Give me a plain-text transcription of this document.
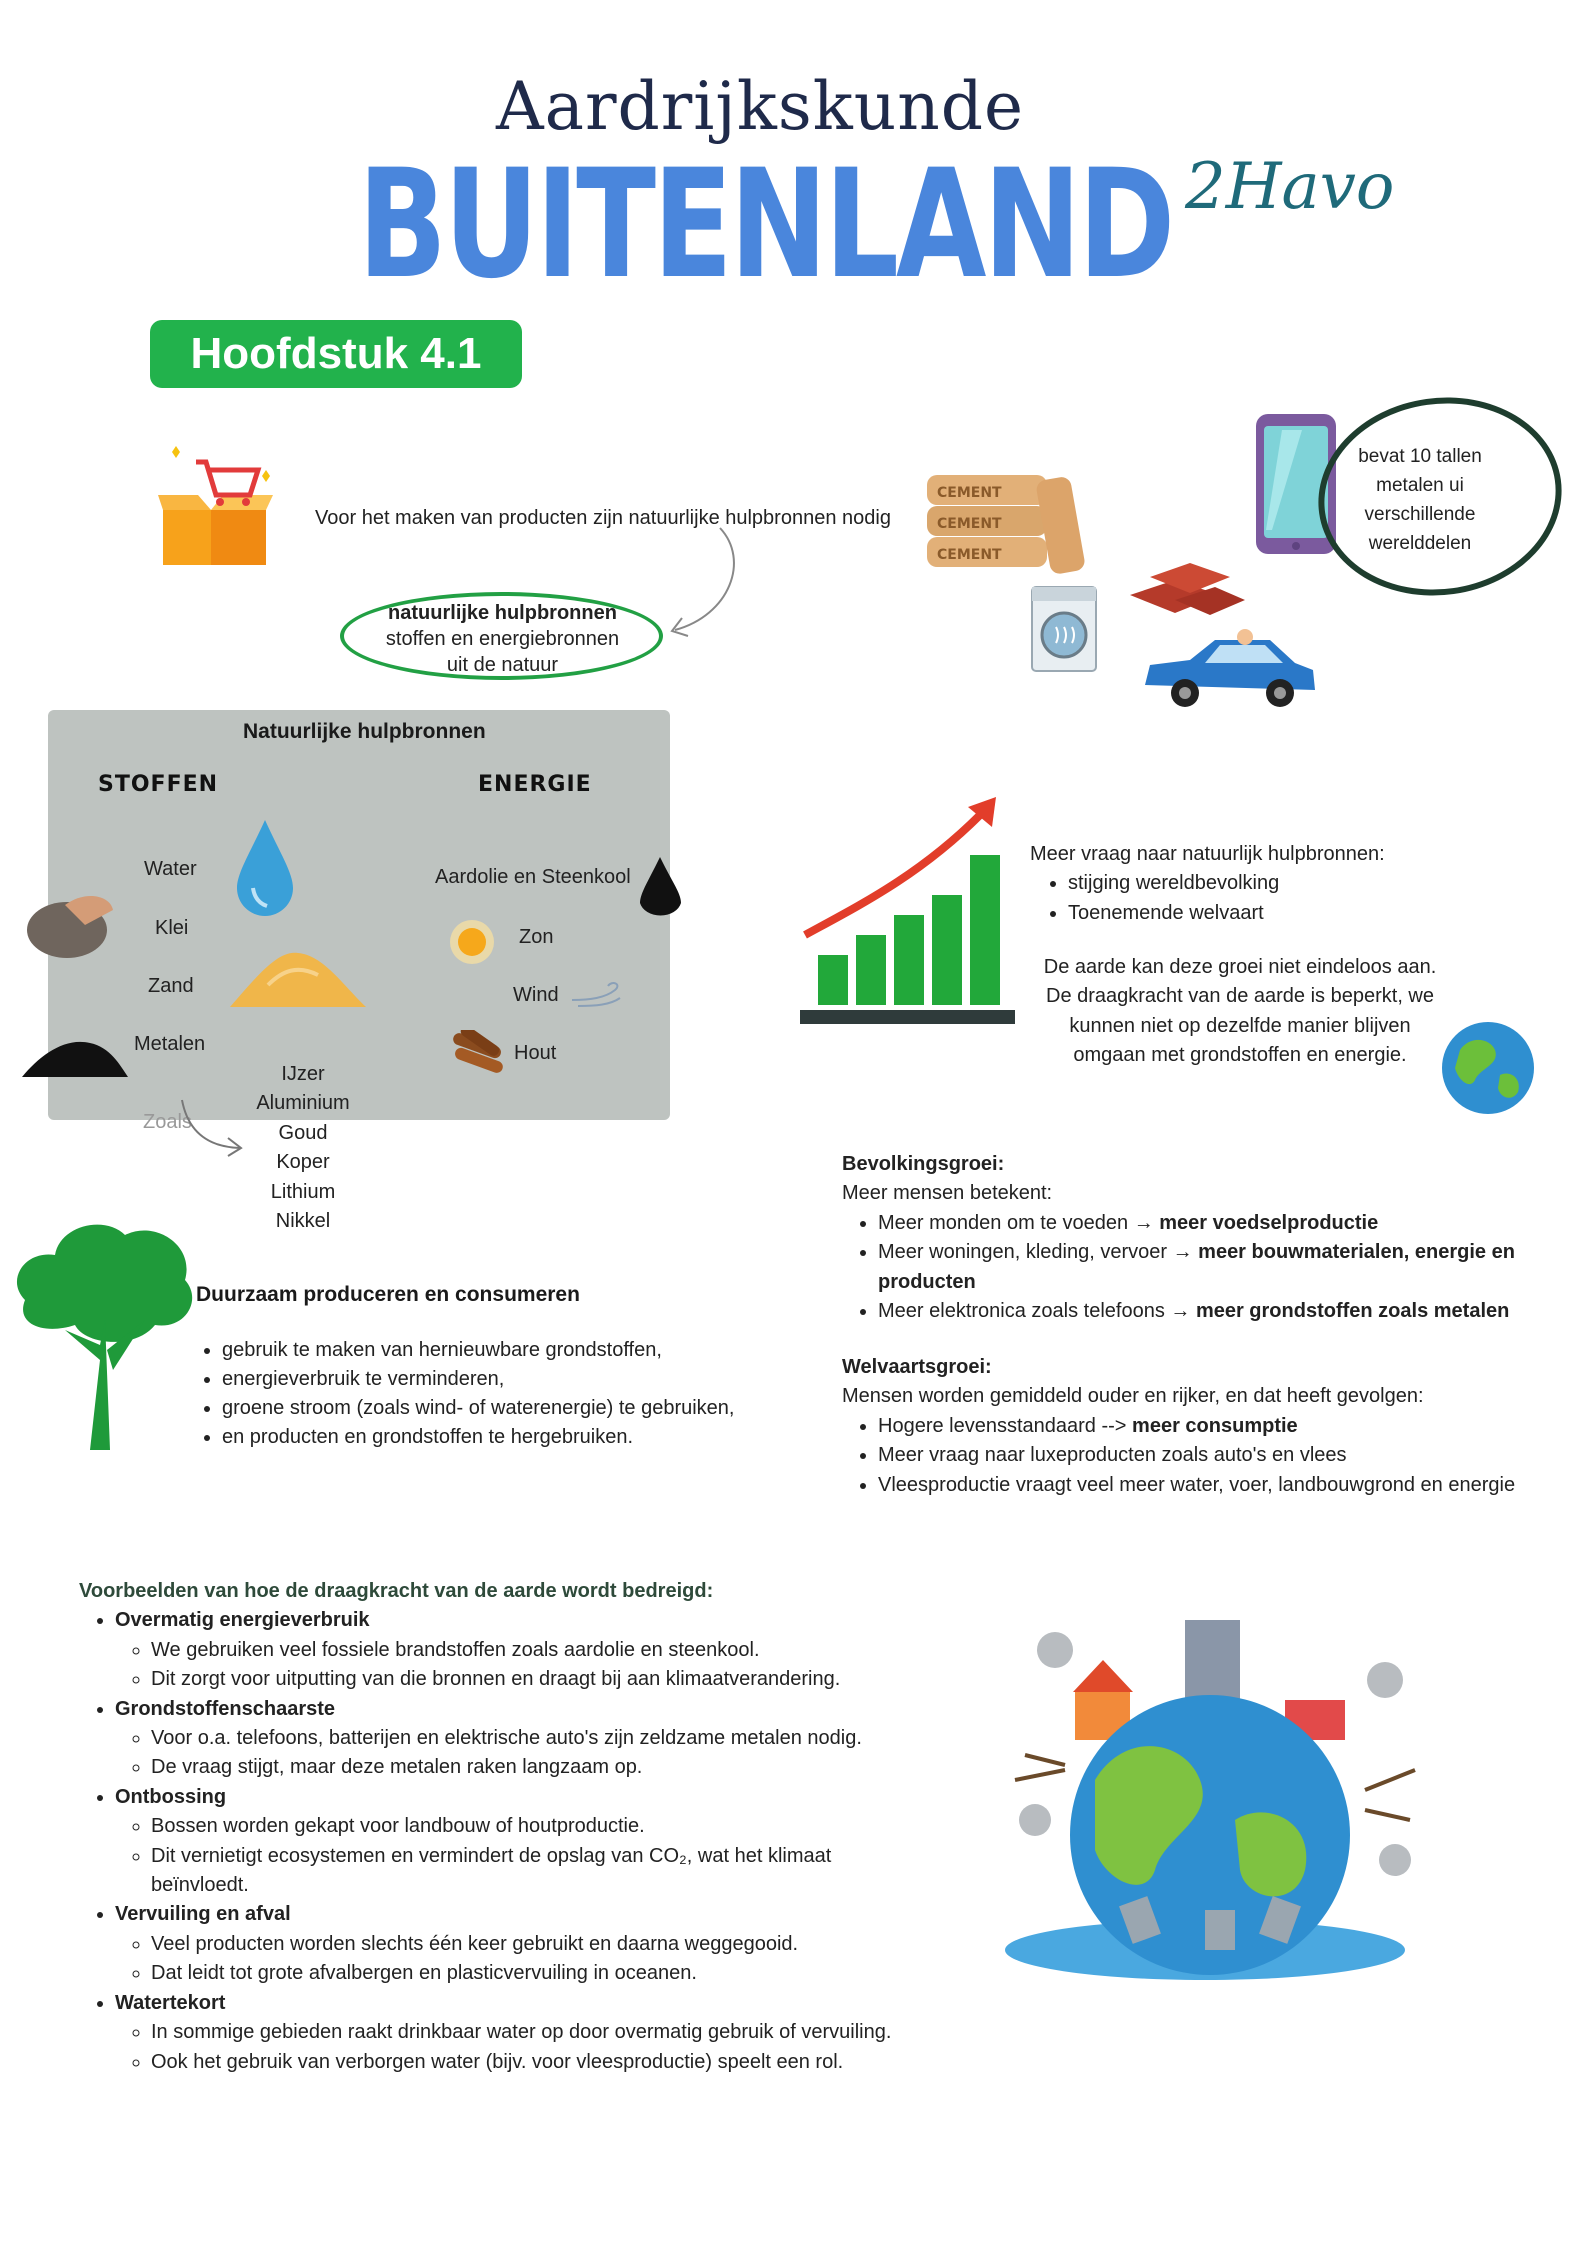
Aardrijkskunde
BUITENLAND 2Havo
Hoofdstuk 4.1
Voor het maken van producten zijn natuurlijke hulpbronnen nodig
natuurlijke hulpbronnen
stoffen en energiebronnen
uit de natuur
CEMENT
CEMENT
CEMENT
bevat 10 tallen
metalen ui
verschillende
werelddelen
Natuurlijke hulpbronnen
STOFFEN	ENERGIE
Water
Klei
Zand
Metalen
Aardolie en Steenkool
Zon
Wind
Hout
Zoals
IJzer
Aluminium
Goud
Koper
Lithium
Nikkel
Meer vraag naar natuurlijk hulpbronnen:
• stijging wereldbevolking
• Toenemende welvaart
De aarde kan deze groei niet eindeloos aan.
De draagkracht van de aarde is beperkt, we
kunnen niet op dezelfde manier blijven
omgaan met grondstoffen en energie.
Duurzaam produceren en consumeren
• gebruik te maken van hernieuwbare grondstoffen,
• energieverbruik te verminderen,
• groene stroom (zoals wind- of waterenergie) te gebruiken,
• en producten en grondstoffen te hergebruiken.
Bevolkingsgroei:
Meer mensen betekent:
• Meer monden om te voeden → meer voedselproductie
• Meer woningen, kleding, vervoer → meer bouwmaterialen, energie en producten
• Meer elektronica zoals telefoons → meer grondstoffen zoals metalen
Welvaartsgroei:
Mensen worden gemiddeld ouder en rijker, en dat heeft gevolgen:
• Hogere levensstandaard --> meer consumptie
• Meer vraag naar luxeproducten zoals auto's en vlees
• Vleesproductie vraagt veel meer water, voer, landbouwgrond en energie
Voorbeelden van hoe de draagkracht van de aarde wordt bedreigd:
• Overmatig energieverbruik
◦ We gebruiken veel fossiele brandstoffen zoals aardolie en steenkool.
◦ Dit zorgt voor uitputting van die bronnen en draagt bij aan klimaatverandering.
• Grondstoffenschaarste
◦ Voor o.a. telefoons, batterijen en elektrische auto's zijn zeldzame metalen nodig.
◦ De vraag stijgt, maar deze metalen raken langzaam op.
• Ontbossing
◦ Bossen worden gekapt voor landbouw of houtproductie.
◦ Dit vernietigt ecosystemen en vermindert de opslag van CO₂, wat het klimaat beïnvloedt.
• Vervuiling en afval
◦ Veel producten worden slechts één keer gebruikt en daarna weggegooid.
◦ Dat leidt tot grote afvalbergen en plasticvervuiling in oceanen.
• Watertekort
◦ In sommige gebieden raakt drinkbaar water op door overmatig gebruik of vervuiling.
◦ Ook het gebruik van verborgen water (bijv. voor vleesproductie) speelt een rol.
